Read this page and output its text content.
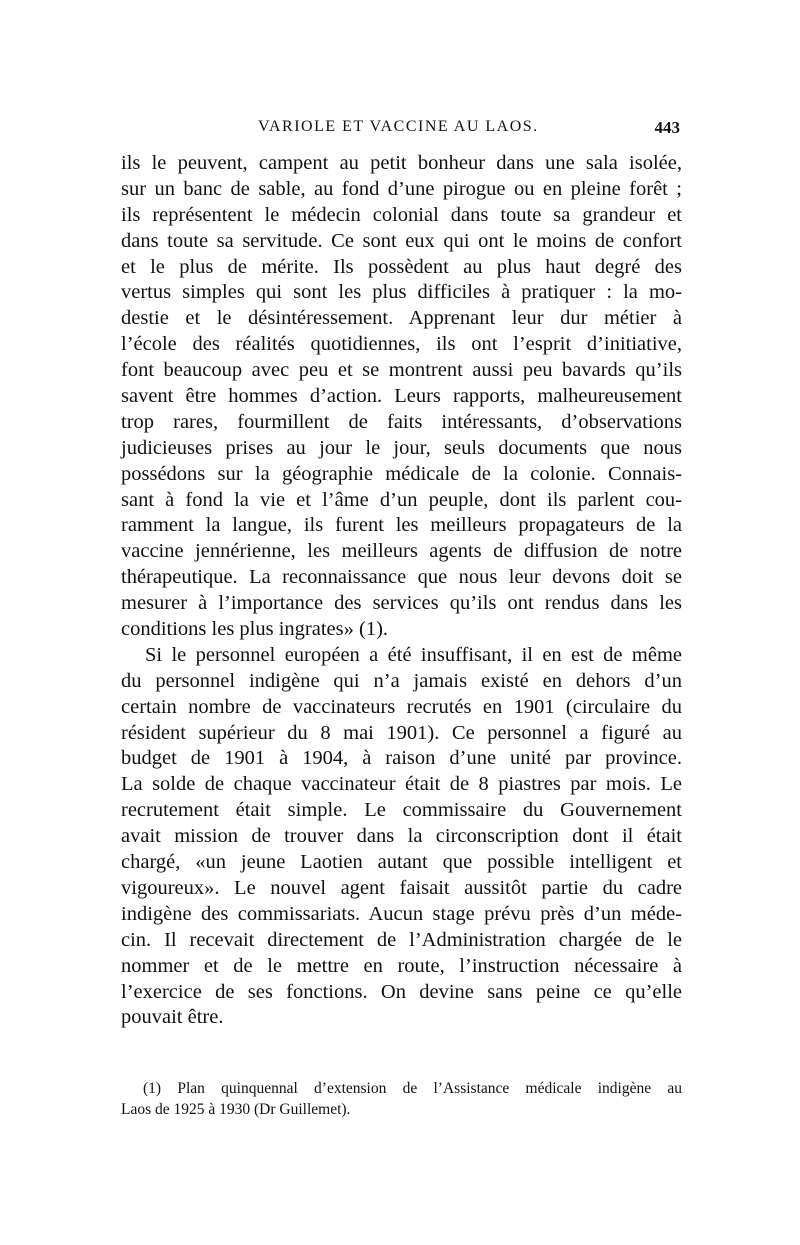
VARIOLE ET VACCINE AU LAOS.	443
ils le peuvent, campent au petit bonheur dans une sala isolée,
sur un banc de sable, au fond d’une pirogue ou en pleine forêt ;
ils représentent le médecin colonial dans toute sa grandeur et
dans toute sa servitude. Ce sont eux qui ont le moins de confort
et le plus de mérite. Ils possèdent au plus haut degré des
vertus simples qui sont les plus difficiles à pratiquer : la mo-
destie et le désintéressement. Apprenant leur dur métier à
l’école des réalités quotidiennes, ils ont l’esprit d’initiative,
font beaucoup avec peu et se montrent aussi peu bavards qu’ils
savent être hommes d’action. Leurs rapports, malheureusement
trop rares, fourmillent de faits intéressants, d’observations
judicieuses prises au jour le jour, seuls documents que nous
possédons sur la géographie médicale de la colonie. Connais-
sant à fond la vie et l’âme d’un peuple, dont ils parlent cou-
ramment la langue, ils furent les meilleurs propagateurs de la
vaccine jennérienne, les meilleurs agents de diffusion de notre
thérapeutique. La reconnaissance que nous leur devons doit se
mesurer à l’importance des services qu’ils ont rendus dans les
conditions les plus ingrates» (1).
Si le personnel européen a été insuffisant, il en est de même
du personnel indigène qui n’a jamais existé en dehors d’un
certain nombre de vaccinateurs recrutés en 1901 (circulaire du
résident supérieur du 8 mai 1901). Ce personnel a figuré au
budget de 1901 à 1904, à raison d’une unité par province.
La solde de chaque vaccinateur était de 8 piastres par mois. Le
recrutement était simple. Le commissaire du Gouvernement
avait mission de trouver dans la circonscription dont il était
chargé, «un jeune Laotien autant que possible intelligent et
vigoureux». Le nouvel agent faisait aussitôt partie du cadre
indigène des commissariats. Aucun stage prévu près d’un méde-
cin. Il recevait directement de l’Administration chargée de le
nommer et de le mettre en route, l’instruction nécessaire à
l’exercice de ses fonctions. On devine sans peine ce qu’elle
pouvait être.
(1) Plan quinquennal d’extension de l’Assistance médicale indigène au
Laos de 1925 à 1930 (Dr Guillemet).
